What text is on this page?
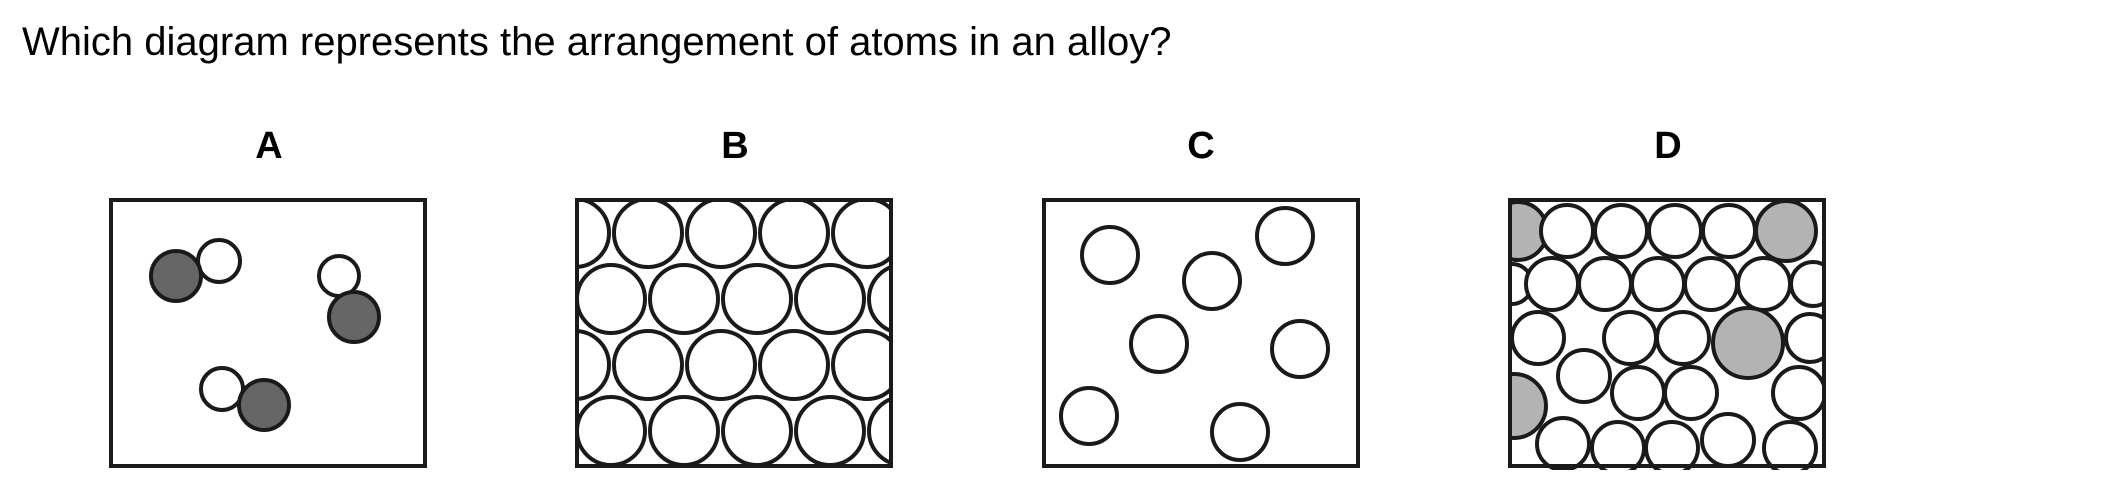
Which diagram represents the arrangement of atoms in an alloy?
A	B	C	D
